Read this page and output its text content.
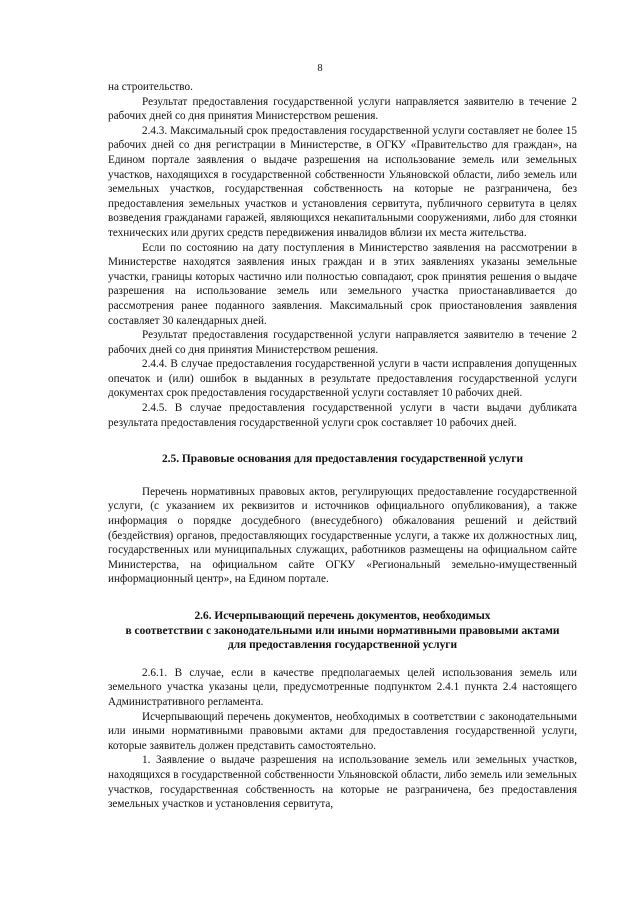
8

на строительство.

Результат предоставления государственной услуги направляется заявителю в течение 2 рабочих дней со дня принятия Министерством решения.

2.4.3. Максимальный срок предоставления государственной услуги составляет не более 15 рабочих дней со дня регистрации в Министерстве, в ОГКУ «Правительство для граждан», на Едином портале заявления о выдаче разрешения на использование земель или земельных участков, находящихся в государственной собственности Ульяновской области, либо земель или земельных участков, государственная собственность на которые не разграничена, без предоставления земельных участков и установления сервитута, публичного сервитута в целях возведения гражданами гаражей, являющихся некапитальными сооружениями, либо для стоянки технических или других средств передвижения инвалидов вблизи их места жительства.

Если по состоянию на дату поступления в Министерство заявления на рассмотрении в Министерстве находятся заявления иных граждан и в этих заявлениях указаны земельные участки, границы которых частично или полностью совпадают, срок принятия решения о выдаче разрешения на использование земель или земельного участка приостанавливается до рассмотрения ранее поданного заявления. Максимальный срок приостановления заявления составляет 30 календарных дней.

Результат предоставления государственной услуги направляется заявителю в течение 2 рабочих дней со дня принятия Министерством решения.

2.4.4. В случае предоставления государственной услуги в части исправления допущенных опечаток и (или) ошибок в выданных в результате предоставления государственной услуги документах срок предоставления государственной услуги составляет 10 рабочих дней.

2.4.5. В случае предоставления государственной услуги в части выдачи дубликата результата предоставления государственной услуги срок составляет 10 рабочих дней.

2.5. Правовые основания для предоставления государственной услуги

Перечень нормативных правовых актов, регулирующих предоставление государственной услуги, (с указанием их реквизитов и источников официального опубликования), а также информация о порядке досудебного (внесудебного) обжалования решений и действий (бездействия) органов, предоставляющих государственные услуги, а также их должностных лиц, государственных или муниципальных служащих, работников размещены на официальном сайте Министерства, на официальном сайте ОГКУ «Региональный земельно-имущественный информационный центр», на Едином портале.

2.6. Исчерпывающий перечень документов, необходимых
в соответствии с законодательными или иными нормативными правовыми актами
для предоставления государственной услуги

2.6.1. В случае, если в качестве предполагаемых целей использования земель или земельного участка указаны цели, предусмотренные подпунктом 2.4.1 пункта 2.4 настоящего Административного регламента.

Исчерпывающий перечень документов, необходимых в соответствии с законодательными или иными нормативными правовыми актами для предоставления государственной услуги, которые заявитель должен представить самостоятельно.

1. Заявление о выдаче разрешения на использование земель или земельных участков, находящихся в государственной собственности Ульяновской области, либо земель или земельных участков, государственная собственность на которые не разграничена, без предоставления земельных участков и установления сервитута,
